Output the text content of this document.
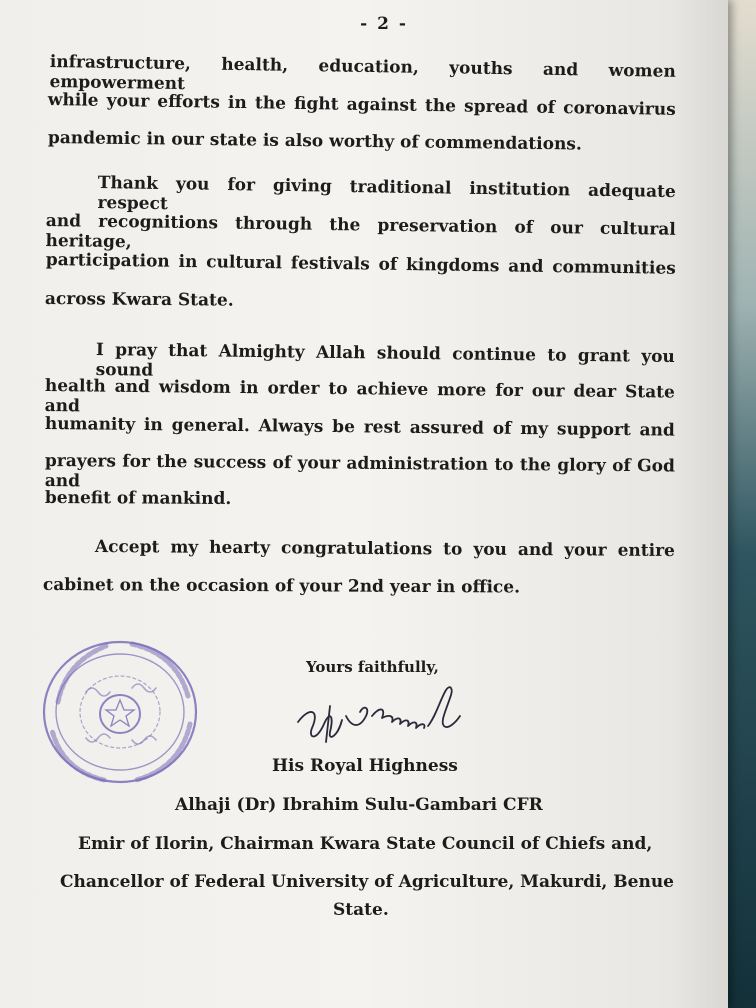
- 2 -
infrastructure, health, education, youths and women empowerment
while your efforts in the fight against the spread of coronavirus
pandemic in our state is also worthy of commendations.
Thank you for giving traditional institution adequate respect
and recognitions through the preservation of our cultural heritage,
participation in cultural festivals of kingdoms and communities
across Kwara State.
I pray that Almighty Allah should continue to grant you sound
health and wisdom in order to achieve more for our dear State and
humanity in general. Always be rest assured of my support and
prayers for the success of your administration to the glory of God and
benefit of mankind.
Accept my hearty congratulations to you and your entire
cabinet on the occasion of your 2nd year in office.
Yours faithfully,
His Royal Highness
Alhaji (Dr) Ibrahim Sulu-Gambari CFR
Emir of Ilorin, Chairman Kwara State Council of Chiefs and,
Chancellor of Federal University of Agriculture, Makurdi, Benue
State.
